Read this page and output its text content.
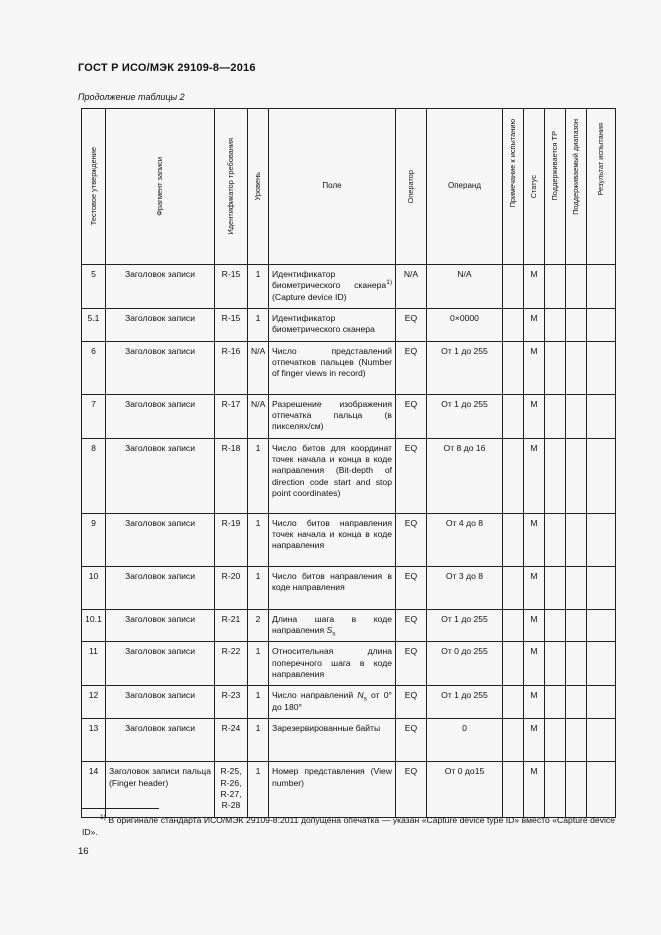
ГОСТ Р ИСО/МЭК 29109-8—2016
Продолжение таблицы 2
Тестовое утверждение	Фрагмент записи	Идентификатор требования	Уровень	Поле	Оператор	Операнд	Примечание к испытанию	Статус	Поддерживается ТР	Поддерживаемый диапазон	Результат испытания

5	Заголовок записи	R-15	1	Идентификатор биометрического сканера$^{1)}$ (Capture device ID)	N/A	N/A		M			
5.1	Заголовок записи	R-15	1	Идентификатор биометрического сканера	EQ	0×0000		M			
6	Заголовок записи	R-16	N/A	Число представлений отпечатков пальцев (Number of finger views in record)	EQ	От 1 до 255		M			
7	Заголовок записи	R-17	N/A	Разрешение изображения отпечатка пальца (в пикселях/см)	EQ	От 1 до 255		M			
8	Заголовок записи	R-18	1	Число битов для координат точек начала и конца в коде направления (Bit-depth of direction code start and stop point coordinates)	EQ	От 8 до 16		M			
9	Заголовок записи	R-19	1	Число битов направления точек начала и конца в коде направления	EQ	От 4 до 8		M			
10	Заголовок записи	R-20	1	Число битов направления в коде направления	EQ	От 3 до 8		M			
10.1	Заголовок записи	R-21	2	Длина шага в коде направления $S_s$	EQ	От 1 до 255		M			
11	Заголовок записи	R-22	1	Относительная длина поперечного шага в коде направления	EQ	От 0 до 255		M			
12	Заголовок записи	R-23	1	Число направлений $N_s$ от 0° до 180°	EQ	От 1 до 255		M			
13	Заголовок записи	R-24	1	Зарезервированные байты	EQ	0		M			
14	Заголовок записи пальца (Finger header)	R-25, R-26, R-27, R-28	1	Номер представления (View number)	EQ	От 0 до15		M			
$^{1)}$ В оригинале стандарта ИСО/МЭК 29109-8:2011 допущена опечатка — указан «Capture device type ID» вместо «Capture device ID».
16
